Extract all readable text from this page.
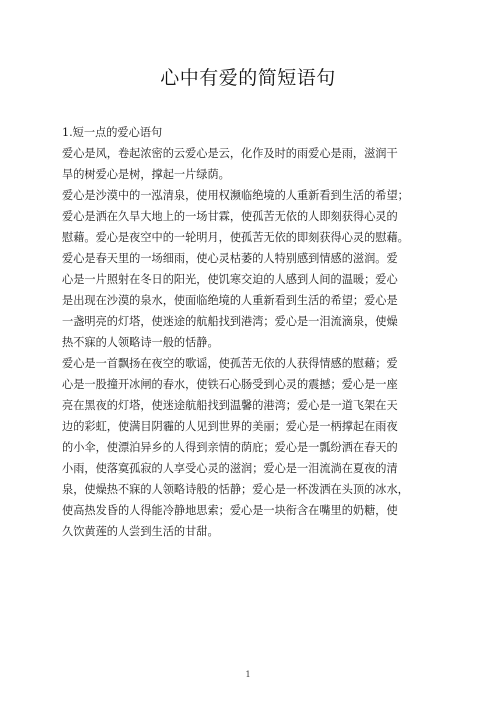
心中有爱的简短语句

1.短一点的爱心语句

爱心是风，卷起浓密的云爱心是云，化作及时的雨爱心是雨，滋润干
旱的树爱心是树，撑起一片绿荫。
爱心是沙漠中的一泓清泉，使用权濒临绝境的人重新看到生活的希望；
爱心是洒在久旱大地上的一场甘霖，使孤苦无依的人即刻获得心灵的
慰藉。爱心是夜空中的一轮明月，使孤苦无依的即刻获得心灵的慰藉。
爱心是春天里的一场细雨，使心灵枯萎的人特别感到情感的滋润。爱
心是一片照射在冬日的阳光，使饥寒交迫的人感到人间的温暖；爱心
是出现在沙漠的泉水，使面临绝境的人重新看到生活的希望；爱心是
一盏明亮的灯塔，使迷途的航船找到港湾；爱心是一泪流滴泉，使燥
热不寐的人领略诗一般的恬静。
爱心是一首飘扬在夜空的歌谣，使孤苦无依的人获得情感的慰藉；爱
心是一股撞开冰闸的春水，使铁石心肠受到心灵的震撼；爱心是一座
亮在黑夜的灯塔，使迷途航船找到温馨的港湾；爱心是一道飞架在天
边的彩虹，使满目阴霾的人见到世界的美丽；爱心是一柄撑起在雨夜
的小伞，使漂泊异乡的人得到亲情的荫庇；爱心是一瓢纷洒在春天的
小雨，使落寞孤寂的人享受心灵的滋润；爱心是一泪流淌在夏夜的清
泉，使燥热不寐的人领略诗般的恬静；爱心是一杯泼洒在头顶的冰水，
使高热发昏的人得能冷静地思索；爱心是一块衔含在嘴里的奶糖，使
久饮黄莲的人尝到生活的甘甜。
1
